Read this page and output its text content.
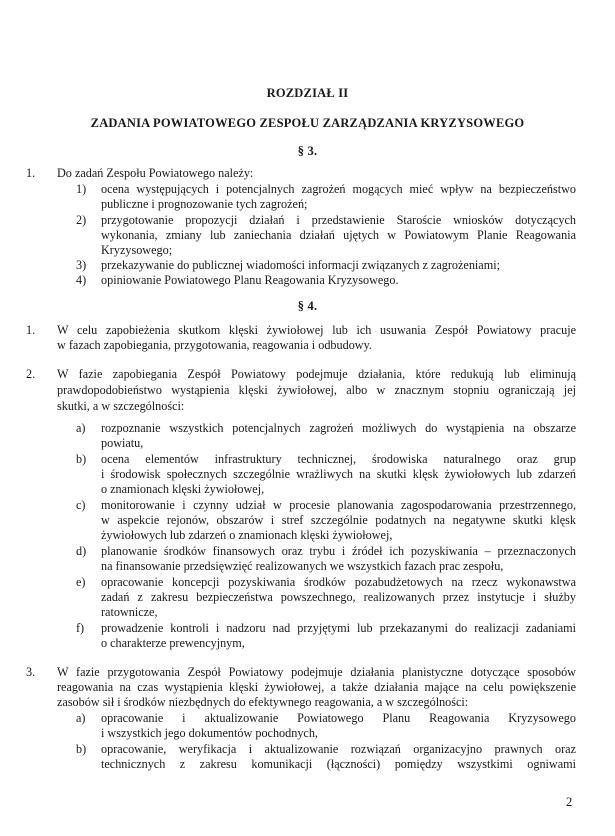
ROZDZIAŁ II
ZADANIA POWIATOWEGO ZESPOŁU ZARZĄDZANIA KRYZYSOWEGO
§ 3.
1. Do zadań Zespołu Powiatowego należy:
1) ocena występujących i potencjalnych zagrożeń mogących mieć wpływ na bezpieczeństwo
publiczne i prognozowanie tych zagrożeń;
2) przygotowanie propozycji działań i przedstawienie Staroście wniosków dotyczących
wykonania, zmiany lub zaniechania działań ujętych w Powiatowym Planie Reagowania
Kryzysowego;
3) przekazywanie do publicznej wiadomości informacji związanych z zagrożeniami;
4) opiniowanie Powiatowego Planu Reagowania Kryzysowego.
§ 4.
1. W celu zapobieżenia skutkom klęski żywiołowej lub ich usuwania Zespół Powiatowy pracuje
w fazach zapobiegania, przygotowania, reagowania i odbudowy.
2. W fazie zapobiegania Zespół Powiatowy podejmuje działania, które redukują lub eliminują
prawdopodobieństwo wystąpienia klęski żywiołowej, albo w znacznym stopniu ograniczają jej
skutki, a w szczególności:
a) rozpoznanie wszystkich potencjalnych zagrożeń możliwych do wystąpienia na obszarze
powiatu,
b) ocena elementów infrastruktury technicznej, środowiska naturalnego oraz grup
i środowisk społecznych szczególnie wrażliwych na skutki klęsk żywiołowych lub zdarzeń
o znamionach klęski żywiołowej,
c) monitorowanie i czynny udział w procesie planowania zagospodarowania przestrzennego,
w aspekcie rejonów, obszarów i stref szczególnie podatnych na negatywne skutki klęsk
żywiołowych lub zdarzeń o znamionach klęski żywiołowej,
d) planowanie środków finansowych oraz trybu i źródeł ich pozyskiwania – przeznaczonych
na finansowanie przedsięwzięć realizowanych we wszystkich fazach prac zespołu,
e) opracowanie koncepcji pozyskiwania środków pozabudżetowych na rzecz wykonawstwa
zadań z zakresu bezpieczeństwa powszechnego, realizowanych przez instytucje i służby
ratownicze,
f) prowadzenie kontroli i nadzoru nad przyjętymi lub przekazanymi do realizacji zadaniami
o charakterze prewencyjnym,
3. W fazie przygotowania Zespół Powiatowy podejmuje działania planistyczne dotyczące sposobów
reagowania na czas wystąpienia klęski żywiołowej, a także działania mające na celu powiększenie
zasobów sił i środków niezbędnych do efektywnego reagowania, a w szczególności:
a) opracowanie i aktualizowanie Powiatowego Planu Reagowania Kryzysowego
i wszystkich jego dokumentów pochodnych,
b) opracowanie, weryfikacja i aktualizowanie rozwiązań organizacyjno prawnych oraz
technicznych z zakresu komunikacji (łączności) pomiędzy wszystkimi ogniwami
2
